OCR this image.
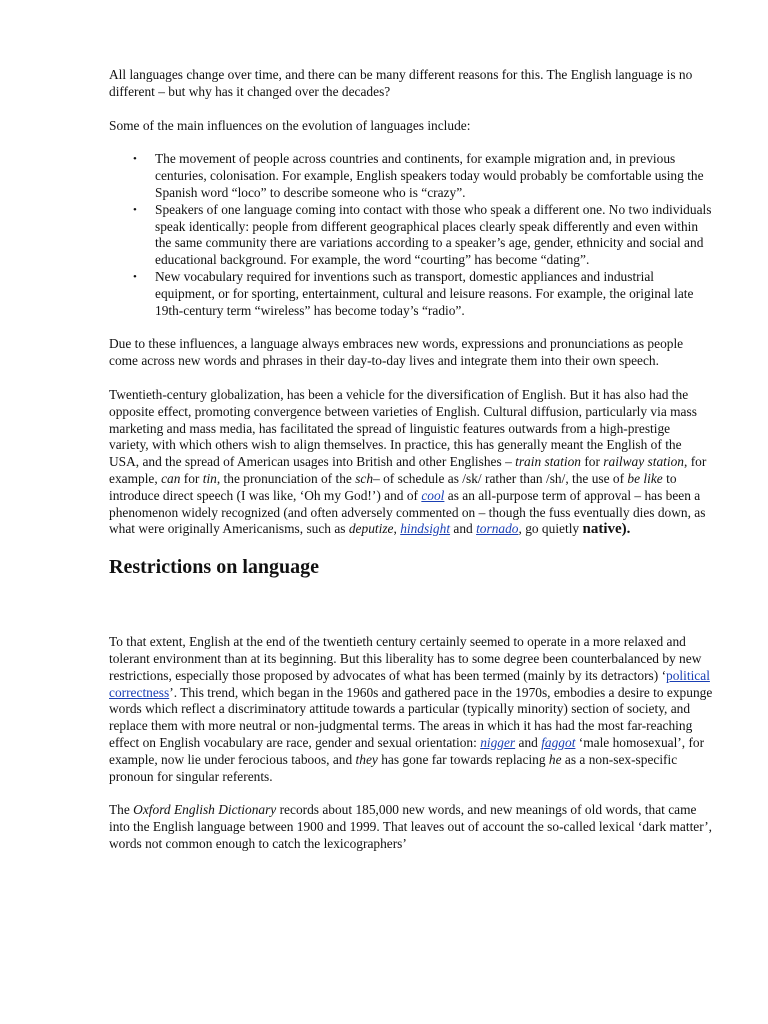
All languages change over time, and there can be many different reasons for this. The English language is no different – but why has it changed over the decades?

Some of the main influences on the evolution of languages include:

• The movement of people across countries and continents, for example migration and, in previous centuries, colonisation. For example, English speakers today would probably be comfortable using the Spanish word “loco” to describe someone who is “crazy”.
• Speakers of one language coming into contact with those who speak a different one. No two individuals speak identically: people from different geographical places clearly speak differently and even within the same community there are variations according to a speaker’s age, gender, ethnicity and social and educational background. For example, the word “courting” has become “dating”.
• New vocabulary required for inventions such as transport, domestic appliances and industrial equipment, or for sporting, entertainment, cultural and leisure reasons. For example, the original late 19th-century term “wireless” has become today’s “radio”.

Due to these influences, a language always embraces new words, expressions and pronunciations as people come across new words and phrases in their day-to-day lives and integrate them into their own speech.

Twentieth-century globalization, has been a vehicle for the diversification of English. But it has also had the opposite effect, promoting convergence between varieties of English. Cultural diffusion, particularly via mass marketing and mass media, has facilitated the spread of linguistic features outwards from a high-prestige variety, with which others wish to align themselves. In practice, this has generally meant the English of the USA, and the spread of American usages into British and other Englishes – train station for railway station, for example, can for tin, the pronunciation of the sch– of schedule as /sk/ rather than /sh/, the use of be like to introduce direct speech (I was like, ‘Oh my God!’) and of cool as an all-purpose term of approval – has been a phenomenon widely recognized (and often adversely commented on – though the fuss eventually dies down, as what were originally Americanisms, such as deputize, hindsight and tornado, go quietly native).

Restrictions on language

To that extent, English at the end of the twentieth century certainly seemed to operate in a more relaxed and tolerant environment than at its beginning. But this liberality has to some degree been counterbalanced by new restrictions, especially those proposed by advocates of what has been termed (mainly by its detractors) ‘political correctness’. This trend, which began in the 1960s and gathered pace in the 1970s, embodies a desire to expunge words which reflect a discriminatory attitude towards a particular (typically minority) section of society, and replace them with more neutral or non-judgmental terms. The areas in which it has had the most far-reaching effect on English vocabulary are race, gender and sexual orientation: nigger and faggot ‘male homosexual’, for example, now lie under ferocious taboos, and they has gone far towards replacing he as a non-sex-specific pronoun for singular referents.

The Oxford English Dictionary records about 185,000 new words, and new meanings of old words, that came into the English language between 1900 and 1999. That leaves out of account the so-called lexical ‘dark matter’, words not common enough to catch the lexicographers’
